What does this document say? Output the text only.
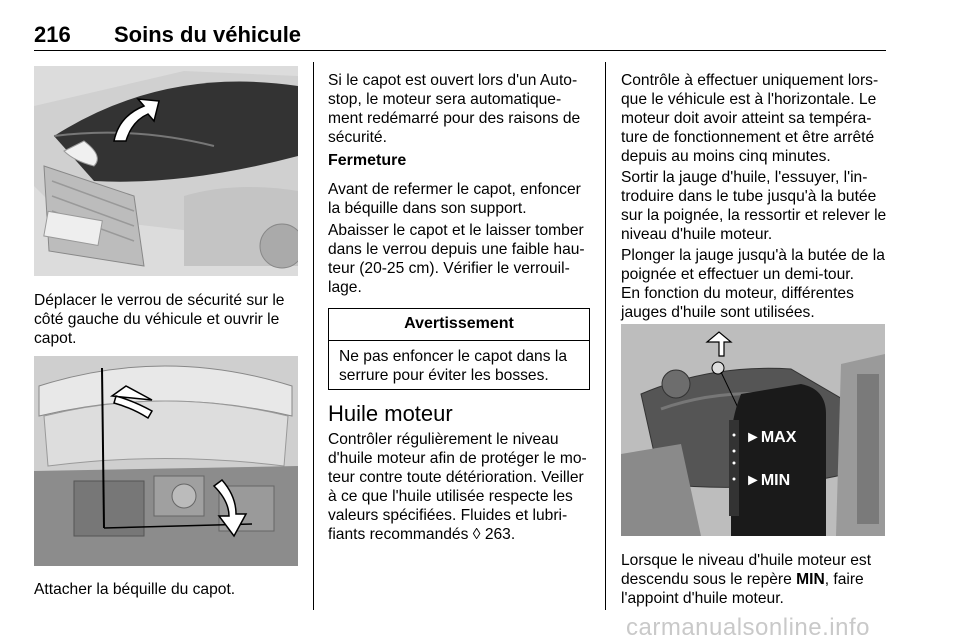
216 Soins du véhicule

Déplacer le verrou de sécurité sur le côté gauche du véhicule et ouvrir le capot.

Attacher la béquille du capot.

Si le capot est ouvert lors d'un Auto-stop, le moteur sera automatique-ment redémarré pour des raisons de sécurité.

Fermeture

Avant de refermer le capot, enfoncer la béquille dans son support.

Abaisser le capot et le laisser tomber dans le verrou depuis une faible hau-teur (20-25 cm). Vérifier le verrouil-lage.

Avertissement

Ne pas enfoncer le capot dans la serrure pour éviter les bosses.

Huile moteur

Contrôler régulièrement le niveau d'huile moteur afin de protéger le mo-teur contre toute détérioration. Veiller à ce que l'huile utilisée respecte les valeurs spécifiées. Fluides et lubri-fiants recommandés ◊ 263.

Contrôle à effectuer uniquement lors-que le véhicule est à l'horizontale. Le moteur doit avoir atteint sa tempéra-ture de fonctionnement et être arrêté depuis au moins cinq minutes.

Sortir la jauge d'huile, l'essuyer, l'in-troduire dans le tube jusqu'à la butée sur la poignée, la ressortir et relever le niveau d'huile moteur.

Plonger la jauge jusqu'à la butée de la poignée et effectuer un demi-tour.

En fonction du moteur, différentes jauges d'huile sont utilisées.

►MAX
►MIN

Lorsque le niveau d'huile moteur est descendu sous le repère MIN, faire l'appoint d'huile moteur.

carmanualsonline.info
